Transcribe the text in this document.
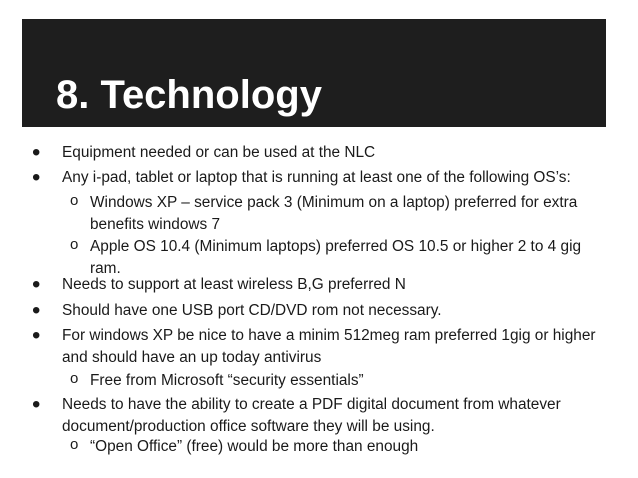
8. Technology
• Equipment needed or can be used at the NLC
• Any i-pad, tablet or laptop that is running at least one of the following OS’s:
o Windows XP – service pack 3 (Minimum on a laptop) preferred for extra benefits windows 7
o Apple OS 10.4 (Minimum laptops) preferred OS 10.5 or higher 2 to 4 gig ram.
• Needs to support at least wireless B,G preferred N
• Should have one USB port CD/DVD rom not necessary.
• For windows XP be nice to have a minim 512meg ram preferred 1gig or higher and should have an up today antivirus
o Free from Microsoft “security essentials”
• Needs to have the ability to create a PDF digital document from whatever document/production office software they will be using.
o “Open Office” (free) would be more than enough
